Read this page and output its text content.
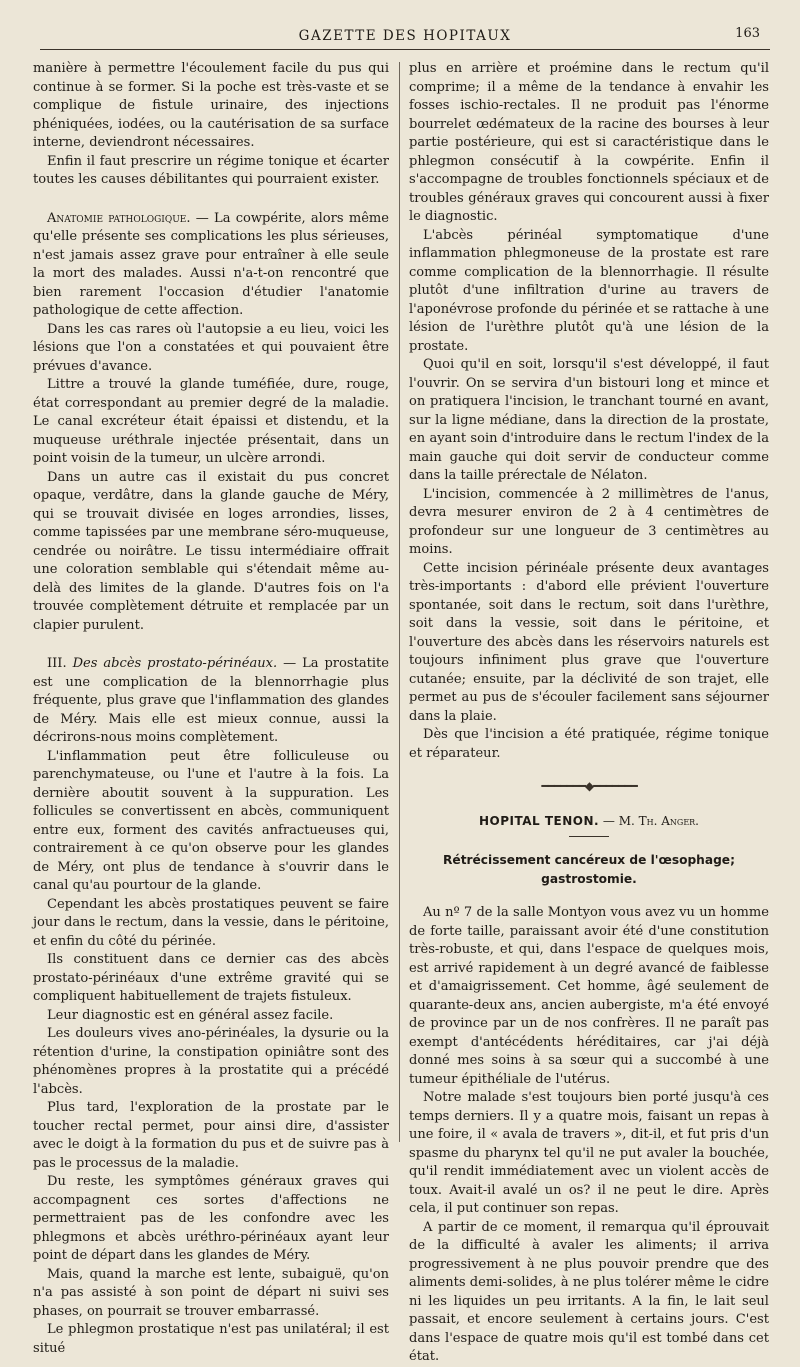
GAZETTE DES HOPITAUX	163

manière à permettre l'écoulement facile du pus qui continue à se former. Si la poche est très-vaste et se complique de fistule urinaire, des injections phéniquées, iodées, ou la cautérisation de sa surface interne, deviendront nécessaires.

Enfin il faut prescrire un régime tonique et écarter toutes les causes débilitantes qui pourraient exister.

Anatomie pathologique. — La cowpérite, alors même qu'elle présente ses complications les plus sérieuses, n'est jamais assez grave pour entraîner à elle seule la mort des malades. Aussi n'a-t-on rencontré que bien rarement l'occasion d'étudier l'anatomie pathologique de cette affection.

Dans les cas rares où l'autopsie a eu lieu, voici les lésions que l'on a constatées et qui pouvaient être prévues d'avance.

Littre a trouvé la glande tuméfiée, dure, rouge, état correspondant au premier degré de la maladie. Le canal excréteur était épaissi et distendu, et la muqueuse uréthrale injectée présentait, dans un point voisin de la tumeur, un ulcère arrondi.

Dans un autre cas il existait du pus concret opaque, verdâtre, dans la glande gauche de Méry, qui se trouvait divisée en loges arrondies, lisses, comme tapissées par une membrane séro-muqueuse, cendrée ou noirâtre. Le tissu intermédiaire offrait une coloration semblable qui s'étendait même au-delà des limites de la glande. D'autres fois on l'a trouvée complètement détruite et remplacée par un clapier purulent.

III. Des abcès prostato-périnéaux. — La prostatite est une complication de la blennorrhagie plus fréquente, plus grave que l'inflammation des glandes de Méry. Mais elle est mieux connue, aussi la décrirons-nous moins complètement.

L'inflammation peut être folliculeuse ou parenchymateuse, ou l'une et l'autre à la fois. La dernière aboutit souvent à la suppuration. Les follicules se convertissent en abcès, communiquent entre eux, forment des cavités anfractueuses qui, contrairement à ce qu'on observe pour les glandes de Méry, ont plus de tendance à s'ouvrir dans le canal qu'au pourtour de la glande.

Cependant les abcès prostatiques peuvent se faire jour dans le rectum, dans la vessie, dans le péritoine, et enfin du côté du périnée.

Ils constituent dans ce dernier cas des abcès prostato-périnéaux d'une extrême gravité qui se compliquent habituellement de trajets fistuleux.

Leur diagnostic est en général assez facile.

Les douleurs vives ano-périnéales, la dysurie ou la rétention d'urine, la constipation opiniâtre sont des phénomènes propres à la prostatite qui a précédé l'abcès.

Plus tard, l'exploration de la prostate par le toucher rectal permet, pour ainsi dire, d'assister avec le doigt à la formation du pus et de suivre pas à pas le processus de la maladie.

Du reste, les symptômes généraux graves qui accompagnent ces sortes d'affections ne permettraient pas de les confondre avec les phlegmons et abcès uréthro-périnéaux ayant leur point de départ dans les glandes de Méry.

Mais, quand la marche est lente, subaiguë, qu'on n'a pas assisté à son point de départ ni suivi ses phases, on pourrait se trouver embarrassé.

Le phlegmon prostatique n'est pas unilatéral; il est situé

plus en arrière et proémine dans le rectum qu'il comprime; il a même de la tendance à envahir les fosses ischio-rectales. Il ne produit pas l'énorme bourrelet œdémateux de la racine des bourses à leur partie postérieure, qui est si caractéristique dans le phlegmon consécutif à la cowpérite. Enfin il s'accompagne de troubles fonctionnels spéciaux et de troubles généraux graves qui concourent aussi à fixer le diagnostic.

L'abcès périnéal symptomatique d'une inflammation phlegmoneuse de la prostate est rare comme complication de la blennorrhagie. Il résulte plutôt d'une infiltration d'urine au travers de l'aponévrose profonde du périnée et se rattache à une lésion de l'urèthre plutôt qu'à une lésion de la prostate.

Quoi qu'il en soit, lorsqu'il s'est développé, il faut l'ouvrir. On se servira d'un bistouri long et mince et on pratiquera l'incision, le tranchant tourné en avant, sur la ligne médiane, dans la direction de la prostate, en ayant soin d'introduire dans le rectum l'index de la main gauche qui doit servir de conducteur comme dans la taille prérectale de Nélaton.

L'incision, commencée à 2 millimètres de l'anus, devra mesurer environ de 2 à 4 centimètres de profondeur sur une longueur de 3 centimètres au moins.

Cette incision périnéale présente deux avantages très-importants : d'abord elle prévient l'ouverture spontanée, soit dans le rectum, soit dans l'urèthre, soit dans la vessie, soit dans le péritoine, et l'ouverture des abcès dans les réservoirs naturels est toujours infiniment plus grave que l'ouverture cutanée; ensuite, par la déclivité de son trajet, elle permet au pus de s'écouler facilement sans séjourner dans la plaie.

Dès que l'incision a été pratiquée, régime tonique et réparateur.

━━━━━━━◆━━━━━━━
HOPITAL TENON. — M. Th. Anger.
Rétrécissement cancéreux de l'œsophage; gastrostomie.

Au nº 7 de la salle Montyon vous avez vu un homme de forte taille, paraissant avoir été d'une constitution très-robuste, et qui, dans l'espace de quelques mois, est arrivé rapidement à un degré avancé de faiblesse et d'amaigrissement. Cet homme, âgé seulement de quarante-deux ans, ancien aubergiste, m'a été envoyé de province par un de nos confrères. Il ne paraît pas exempt d'antécédents héréditaires, car j'ai déjà donné mes soins à sa sœur qui a succombé à une tumeur épithéliale de l'utérus.

Notre malade s'est toujours bien porté jusqu'à ces temps derniers. Il y a quatre mois, faisant un repas à une foire, il « avala de travers », dit-il, et fut pris d'un spasme du pharynx tel qu'il ne put avaler la bouchée, qu'il rendit immédiatement avec un violent accès de toux. Avait-il avalé un os? il ne peut le dire. Après cela, il put continuer son repas.

A partir de ce moment, il remarqua qu'il éprouvait de la difficulté à avaler les aliments; il arriva progressivement à ne plus pouvoir prendre que des aliments demi-solides, à ne plus tolérer même le cidre ni les liquides un peu irritants. A la fin, le lait seul passait, et encore seulement à certains jours. C'est dans l'espace de quatre mois qu'il est tombé dans cet état.
